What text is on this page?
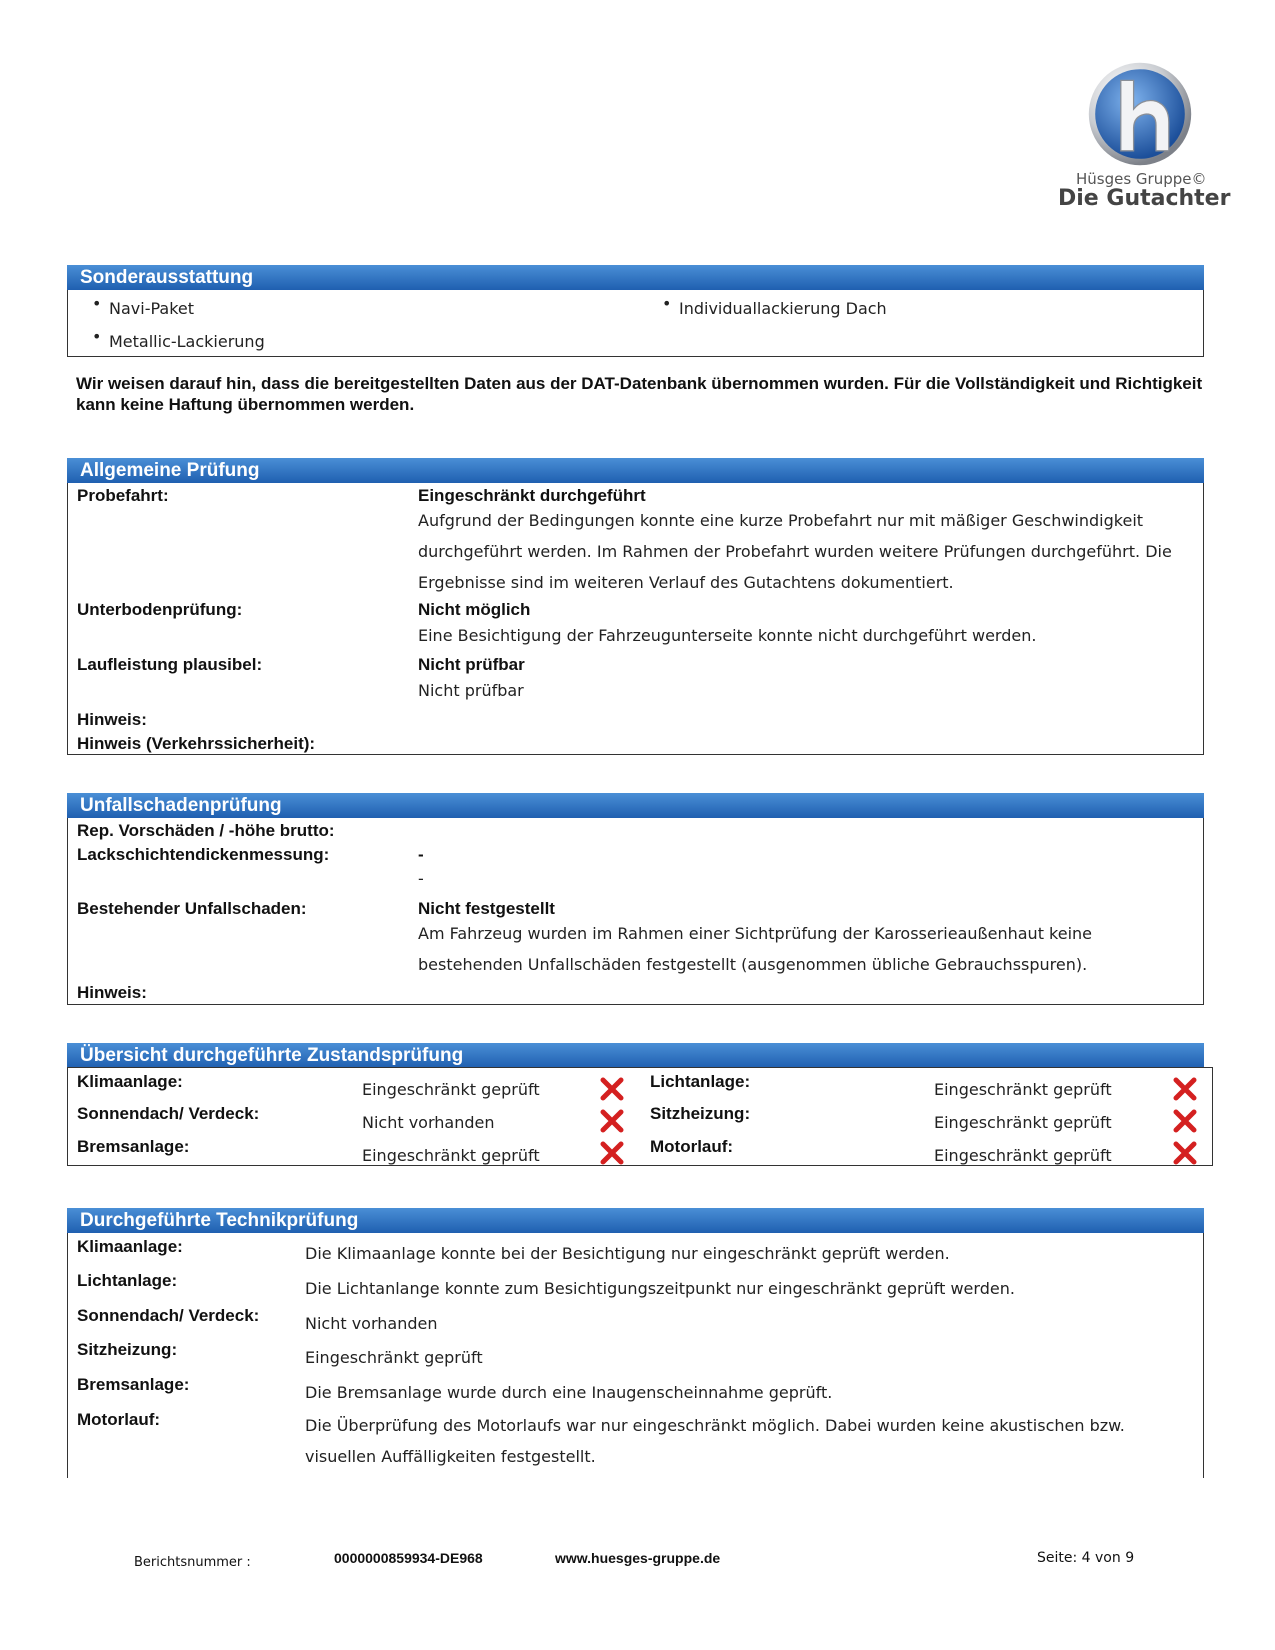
Hüsges Gruppe©
Die Gutachter
Sonderausstattung
• Navi-Paket
•	Individuallackierung Dach
• Metallic-Lackierung
Wir weisen darauf hin, dass die bereitgestellten Daten aus der DAT-Datenbank übernommen wurden. Für die Vollständigkeit und Richtigkeit kann keine Haftung übernommen werden.
Allgemeine Prüfung
Probefahrt:	Eingeschränkt durchgeführt
Aufgrund der Bedingungen konnte eine kurze Probefahrt nur mit mäßiger Geschwindigkeit durchgeführt werden. Im Rahmen der Probefahrt wurden weitere Prüfungen durchgeführt. Die Ergebnisse sind im weiteren Verlauf des Gutachtens dokumentiert.
Unterbodenprüfung:	Nicht möglich
Eine Besichtigung der Fahrzeugunterseite konnte nicht durchgeführt werden.
Laufleistung plausibel:	Nicht prüfbar
Nicht prüfbar
Hinweis:
Hinweis (Verkehrssicherheit):
Unfallschadenprüfung
Rep. Vorschäden / -höhe brutto:
Lackschichtendickenmessung:	-
-
Bestehender Unfallschaden:	Nicht festgestellt
Am Fahrzeug wurden im Rahmen einer Sichtprüfung der Karosserieaußenhaut keine bestehenden Unfallschäden festgestellt (ausgenommen übliche Gebrauchsspuren).
Hinweis:
Übersicht durchgeführte Zustandsprüfung
Klimaanlage:	Eingeschränkt geprüft	Lichtanlage:	Eingeschränkt geprüft
Sonnendach/ Verdeck:	Nicht vorhanden	Sitzheizung:	Eingeschränkt geprüft
Bremsanlage:	Eingeschränkt geprüft	Motorlauf:	Eingeschränkt geprüft
Durchgeführte Technikprüfung
Klimaanlage:	Die Klimaanlage konnte bei der Besichtigung nur eingeschränkt geprüft werden.
Lichtanlage:	Die Lichtanlange konnte zum Besichtigungszeitpunkt nur eingeschränkt geprüft werden.
Sonnendach/ Verdeck:	Nicht vorhanden
Sitzheizung:	Eingeschränkt geprüft
Bremsanlage:	Die Bremsanlage wurde durch eine Inaugenscheinnahme geprüft.
Motorlauf:	Die Überprüfung des Motorlaufs war nur eingeschränkt möglich. Dabei wurden keine akustischen bzw. visuellen Auffälligkeiten festgestellt.
Berichtsnummer :	0000000859934-DE968	www.huesges-gruppe.de	Seite: 4 von 9
